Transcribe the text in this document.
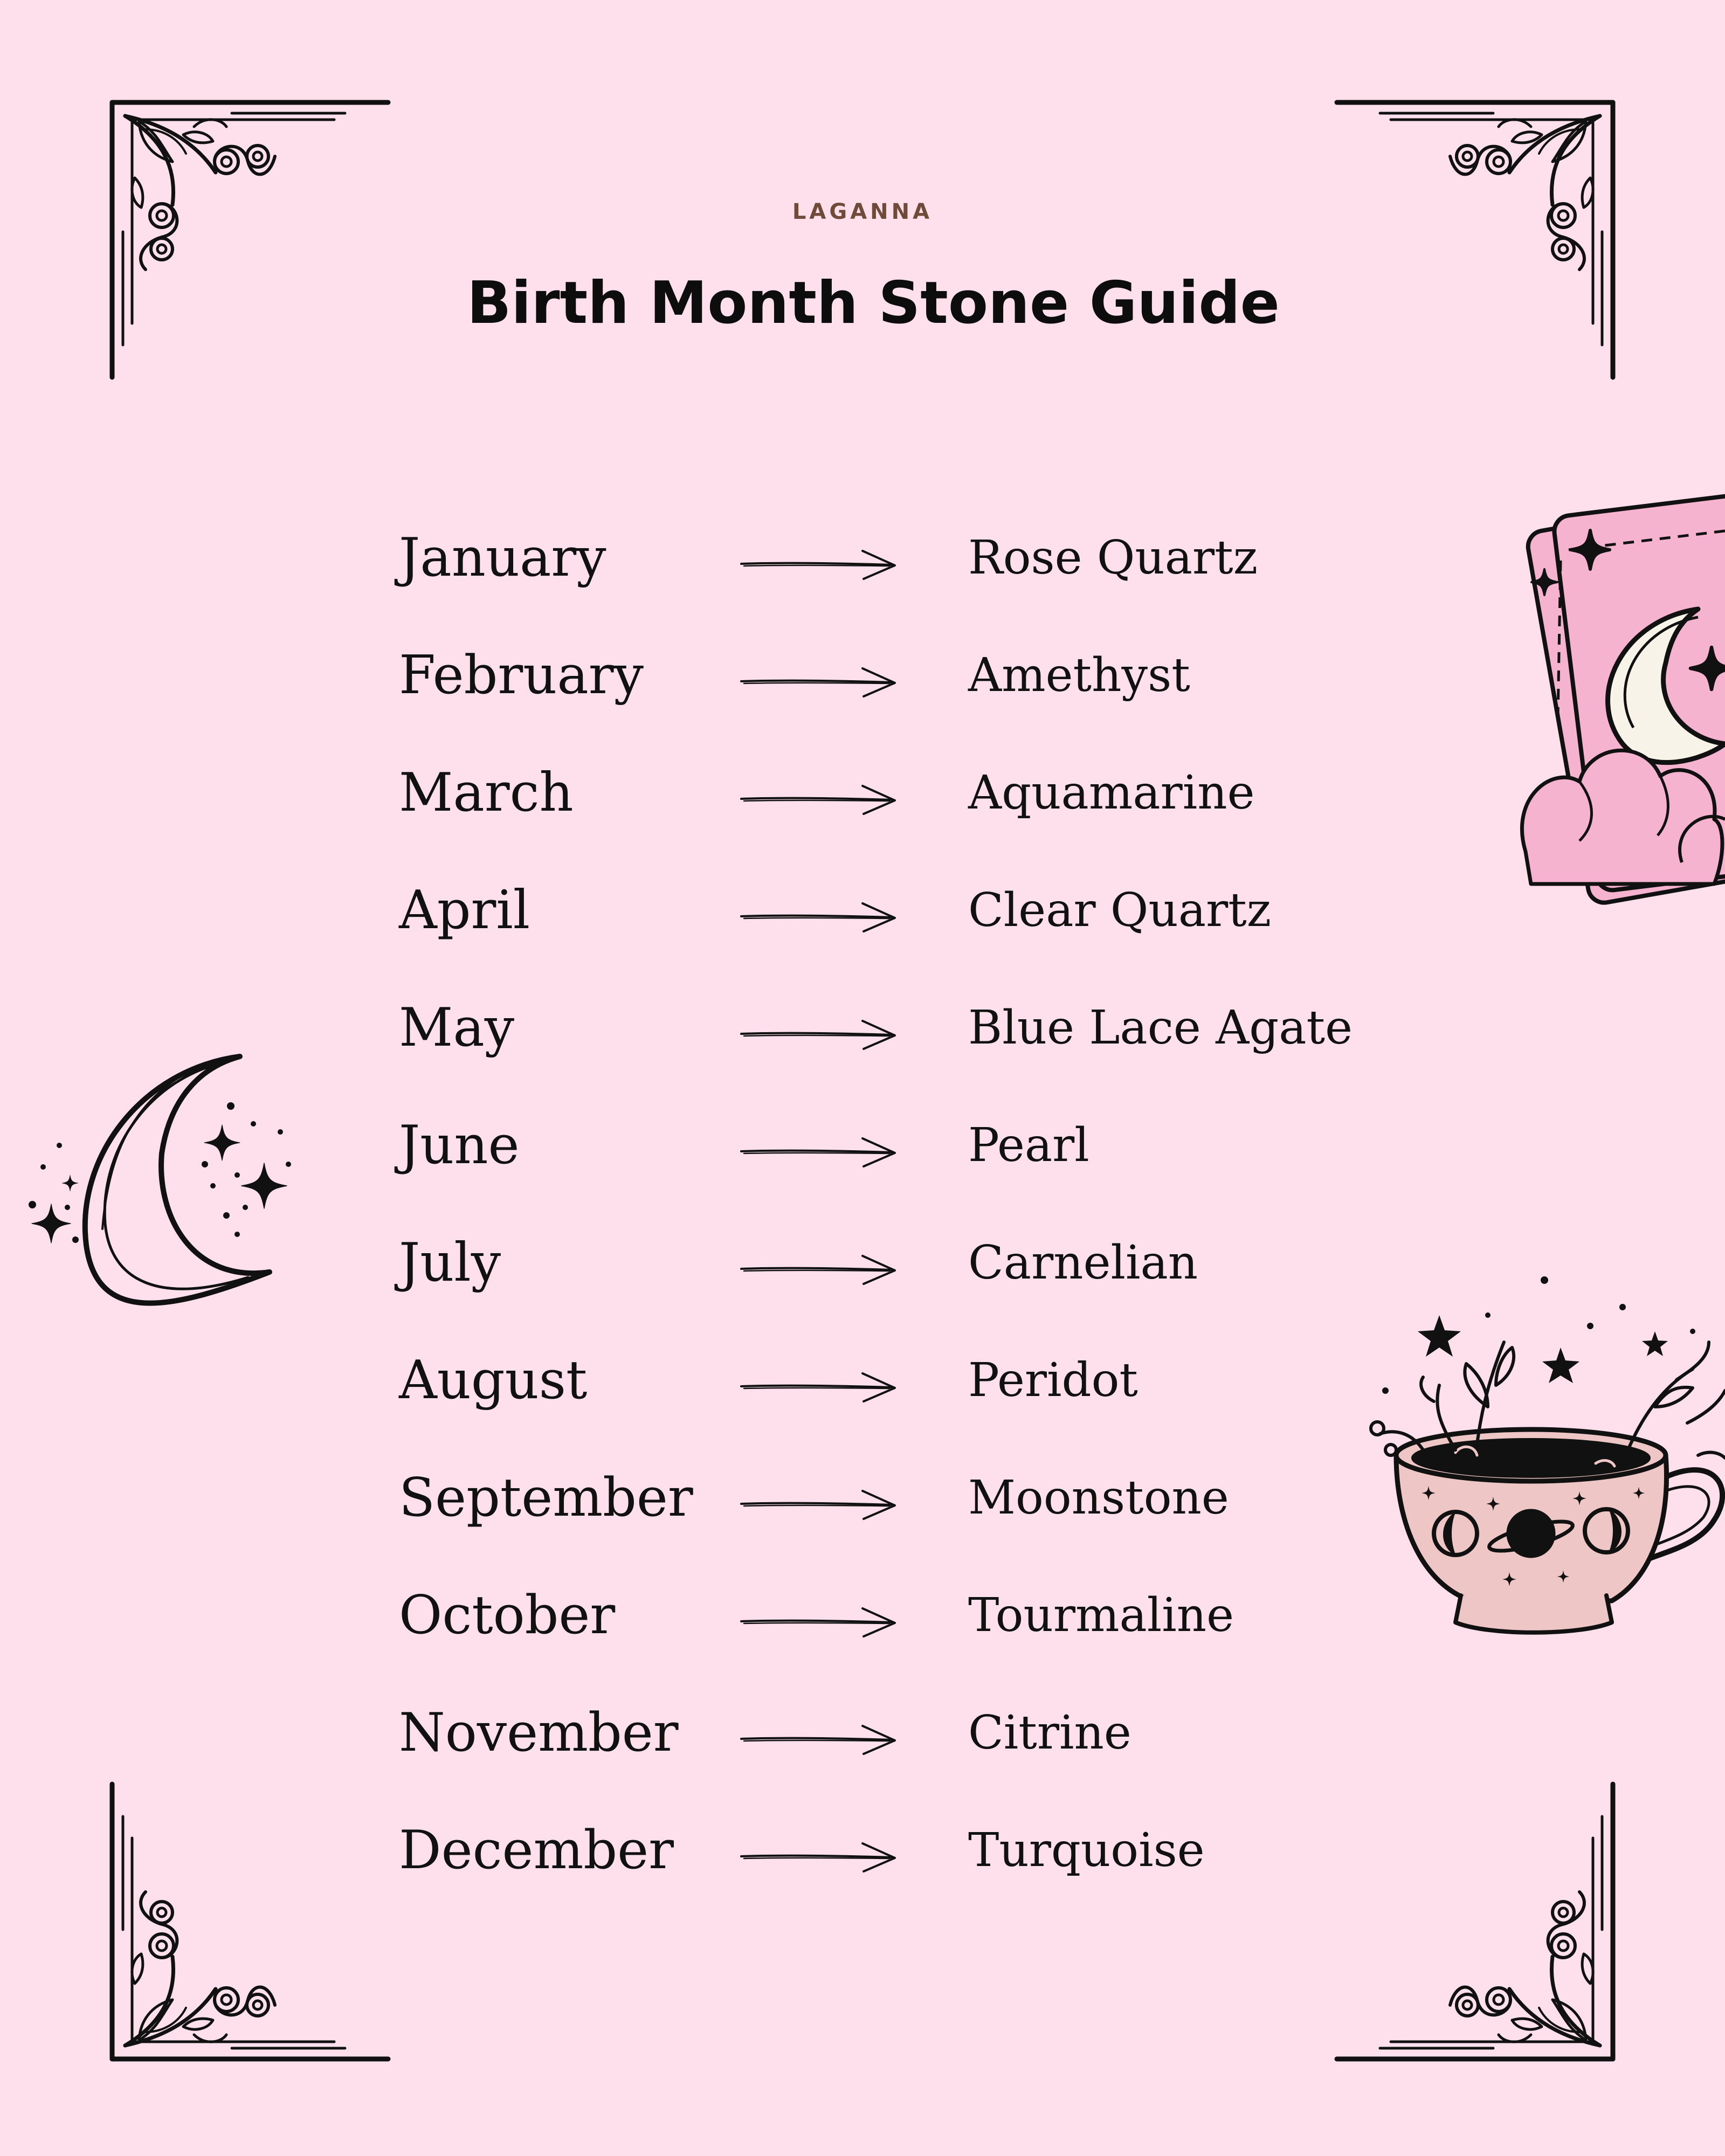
LAGANNA
Birth Month Stone Guide
January	Rose Quartz
February	Amethyst
March	Aquamarine
April	Clear Quartz
May	Blue Lace Agate
June	Pearl
July	Carnelian
August	Peridot
September	Moonstone
October	Tourmaline
November	Citrine
December	Turquoise
